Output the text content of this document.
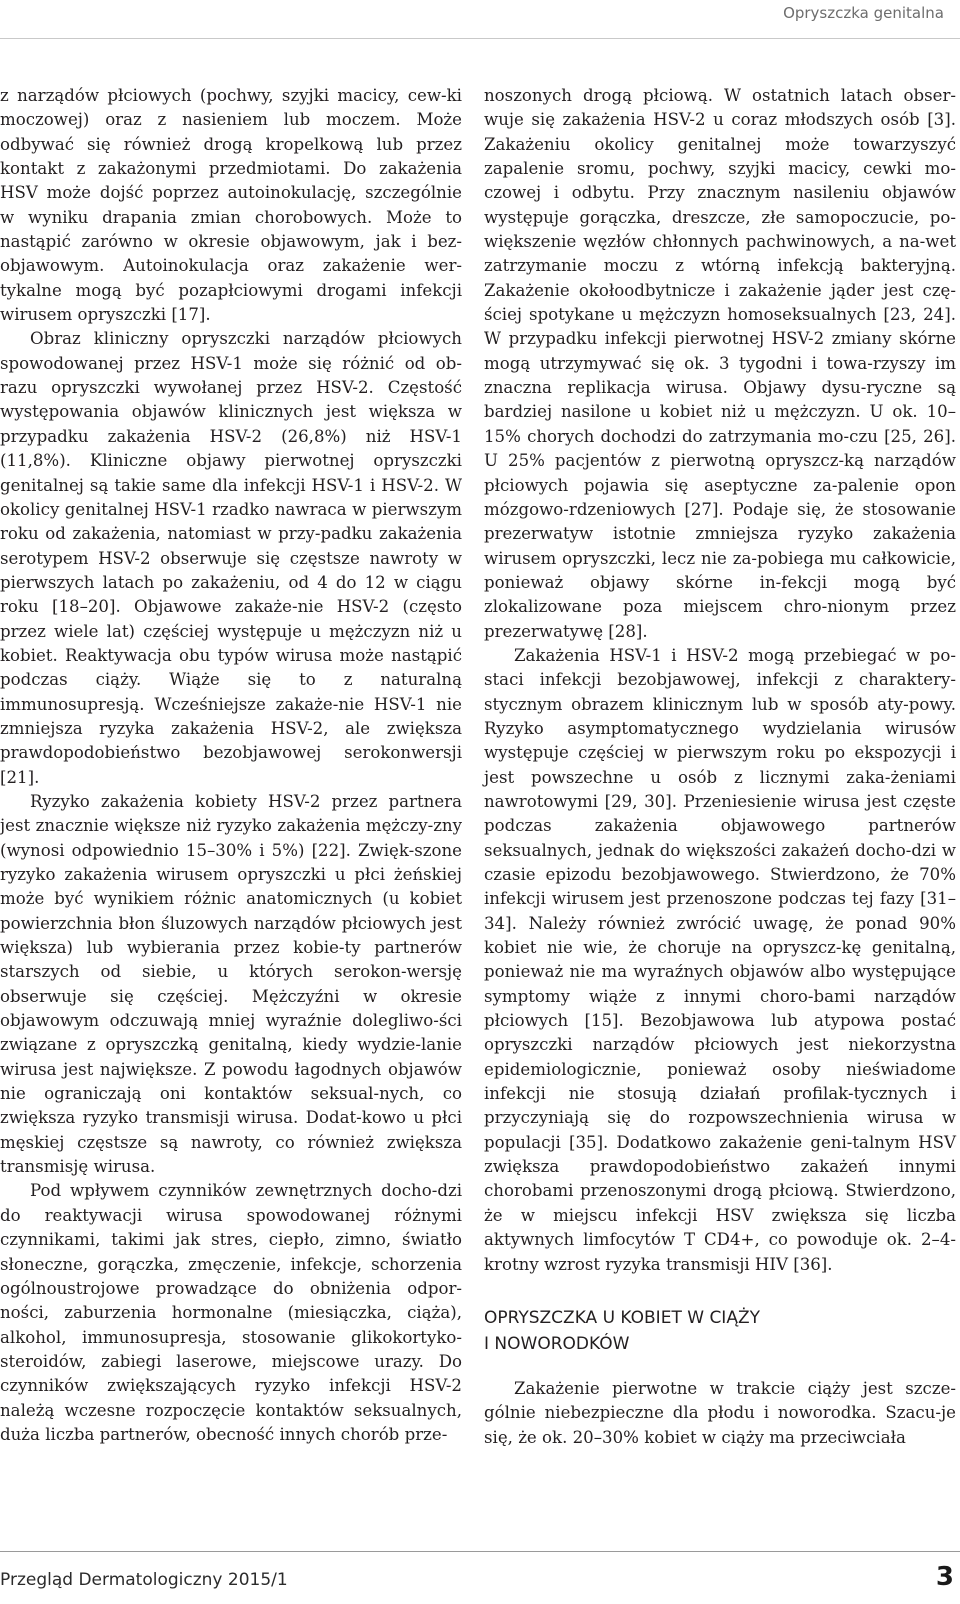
Opryszczka genitalna

z narządów płciowych (pochwy, szyjki macicy, cew-ki moczowej) oraz z nasieniem lub moczem. Może odbywać się również drogą kropelkową lub przez kontakt z zakażonymi przedmiotami. Do zakażenia HSV może dojść poprzez autoinokulację, szczególnie w wyniku drapania zmian chorobowych. Może to nastąpić zarówno w okresie objawowym, jak i bez-objawowym. Autoinokulacja oraz zakażenie wer-tykalne mogą być pozapłciowymi drogami infekcji wirusem opryszczki [17].

Obraz kliniczny opryszczki narządów płciowych spowodowanej przez HSV-1 może się różnić od ob-razu opryszczki wywołanej przez HSV-2. Częstość występowania objawów klinicznych jest większa w przypadku zakażenia HSV-2 (26,8%) niż HSV-1 (11,8%). Kliniczne objawy pierwotnej opryszczki genitalnej są takie same dla infekcji HSV-1 i HSV-2. W okolicy genitalnej HSV-1 rzadko nawraca w pierwszym roku od zakażenia, natomiast w przy-padku zakażenia serotypem HSV-2 obserwuje się częstsze nawroty w pierwszych latach po zakażeniu, od 4 do 12 w ciągu roku [18–20]. Objawowe zakaże-nie HSV-2 (często przez wiele lat) częściej występuje u mężczyzn niż u kobiet. Reaktywacja obu typów wirusa może nastąpić podczas ciąży. Wiąże się to z naturalną immunosupresją. Wcześniejsze zakaże-nie HSV-1 nie zmniejsza ryzyka zakażenia HSV-2, ale zwiększa prawdopodobieństwo bezobjawowej serokonwersji [21].

Ryzyko zakażenia kobiety HSV-2 przez partnera jest znacznie większe niż ryzyko zakażenia mężczy-zny (wynosi odpowiednio 15–30% i 5%) [22]. Zwięk-szone ryzyko zakażenia wirusem opryszczki u płci żeńskiej może być wynikiem różnic anatomicznych (u kobiet powierzchnia błon śluzowych narządów płciowych jest większa) lub wybierania przez kobie-ty partnerów starszych od siebie, u których serokon-wersję obserwuje się częściej. Mężczyźni w okresie objawowym odczuwają mniej wyraźnie dolegliwo-ści związane z opryszczką genitalną, kiedy wydzie-lanie wirusa jest największe. Z powodu łagodnych objawów nie ograniczają oni kontaktów seksual-nych, co zwiększa ryzyko transmisji wirusa. Dodat-kowo u płci męskiej częstsze są nawroty, co również zwiększa transmisję wirusa.

Pod wpływem czynników zewnętrznych docho-dzi do reaktywacji wirusa spowodowanej różnymi czynnikami, takimi jak stres, ciepło, zimno, światło słoneczne, gorączka, zmęczenie, infekcje, schorzenia ogólnoustrojowe prowadzące do obniżenia odpor-ności, zaburzenia hormonalne (miesiączka, ciąża), alkohol, immunosupresja, stosowanie glikokortyko-steroidów, zabiegi laserowe, miejscowe urazy. Do czynników zwiększających ryzyko infekcji HSV-2 należą wczesne rozpoczęcie kontaktów seksualnych, duża liczba partnerów, obecność innych chorób prze-

noszonych drogą płciową. W ostatnich latach obser-wuje się zakażenia HSV-2 u coraz młodszych osób [3]. Zakażeniu okolicy genitalnej może towarzyszyć zapalenie sromu, pochwy, szyjki macicy, cewki mo-czowej i odbytu. Przy znacznym nasileniu objawów występuje gorączka, dreszcze, złe samopoczucie, po-większenie węzłów chłonnych pachwinowych, a na-wet zatrzymanie moczu z wtórną infekcją bakteryjną. Zakażenie okołoodbytnicze i zakażenie jąder jest czę-ściej spotykane u mężczyzn homoseksualnych [23, 24]. W przypadku infekcji pierwotnej HSV-2 zmiany skórne mogą utrzymywać się ok. 3 tygodni i towa-rzyszy im znaczna replikacja wirusa. Objawy dysu-ryczne są bardziej nasilone u kobiet niż u mężczyzn. U ok. 10–15% chorych dochodzi do zatrzymania mo-czu [25, 26]. U 25% pacjentów z pierwotną opryszcz-ką narządów płciowych pojawia się aseptyczne za-palenie opon mózgowo-rdzeniowych [27]. Podaje się, że stosowanie prezerwatyw istotnie zmniejsza ryzyko zakażenia wirusem opryszczki, lecz nie za-pobiega mu całkowicie, ponieważ objawy skórne in-fekcji mogą być zlokalizowane poza miejscem chro-nionym przez prezerwatywę [28].

Zakażenia HSV-1 i HSV-2 mogą przebiegać w po-staci infekcji bezobjawowej, infekcji z charaktery-stycznym obrazem klinicznym lub w sposób aty-powy. Ryzyko asymptomatycznego wydzielania wirusów występuje częściej w pierwszym roku po ekspozycji i jest powszechne u osób z licznymi zaka-żeniami nawrotowymi [29, 30]. Przeniesienie wirusa jest częste podczas zakażenia objawowego partnerów seksualnych, jednak do większości zakażeń docho-dzi w czasie epizodu bezobjawowego. Stwierdzono, że 70% infekcji wirusem jest przenoszone podczas tej fazy [31–34]. Należy również zwrócić uwagę, że ponad 90% kobiet nie wie, że choruje na opryszcz-kę genitalną, ponieważ nie ma wyraźnych objawów albo występujące symptomy wiąże z innymi choro-bami narządów płciowych [15]. Bezobjawowa lub atypowa postać opryszczki narządów płciowych jest niekorzystna epidemiologicznie, ponieważ osoby nieświadome infekcji nie stosują działań profilak-tycznych i przyczyniają się do rozpowszechnienia wirusa w populacji [35]. Dodatkowo zakażenie geni-talnym HSV zwiększa prawdopodobieństwo zakażeń innymi chorobami przenoszonymi drogą płciową. Stwierdzono, że w miejscu infekcji HSV zwiększa się liczba aktywnych limfocytów T CD4+, co powoduje ok. 2–4-krotny wzrost ryzyka transmisji HIV [36].

OPRYSZCZKA U KOBIET W CIĄŻY
I NOWORODKÓW

Zakażenie pierwotne w trakcie ciąży jest szcze-gólnie niebezpieczne dla płodu i noworodka. Szacu-je się, że ok. 20–30% kobiet w ciąży ma przeciwciała

Przegląd Dermatologiczny 2015/1	3
